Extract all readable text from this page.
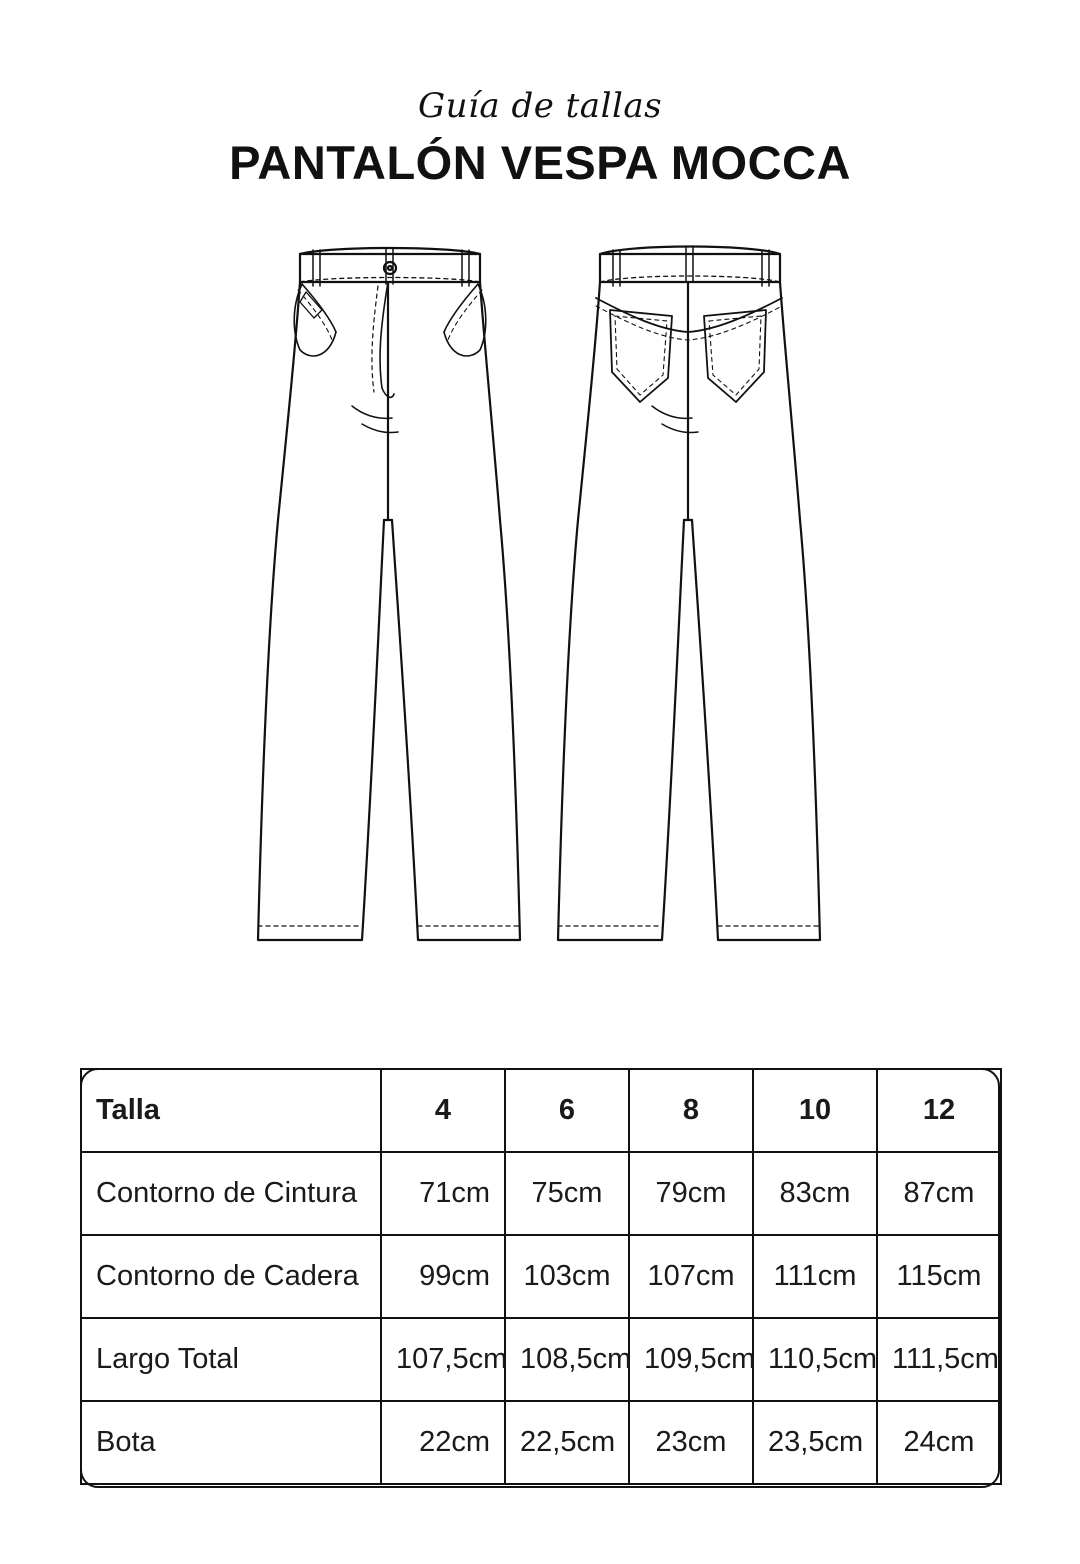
Guía de tallas
PANTALÓN VESPA MOCCA
Talla	4	6	8	10	12
Contorno de Cintura	71cm	75cm	79cm	83cm	87cm
Contorno de Cadera	99cm	103cm	107cm	111cm	115cm
Largo Total	107,5cm	108,5cm	109,5cm	110,5cm	111,5cm
Bota	22cm	22,5cm	23cm	23,5cm	24cm
